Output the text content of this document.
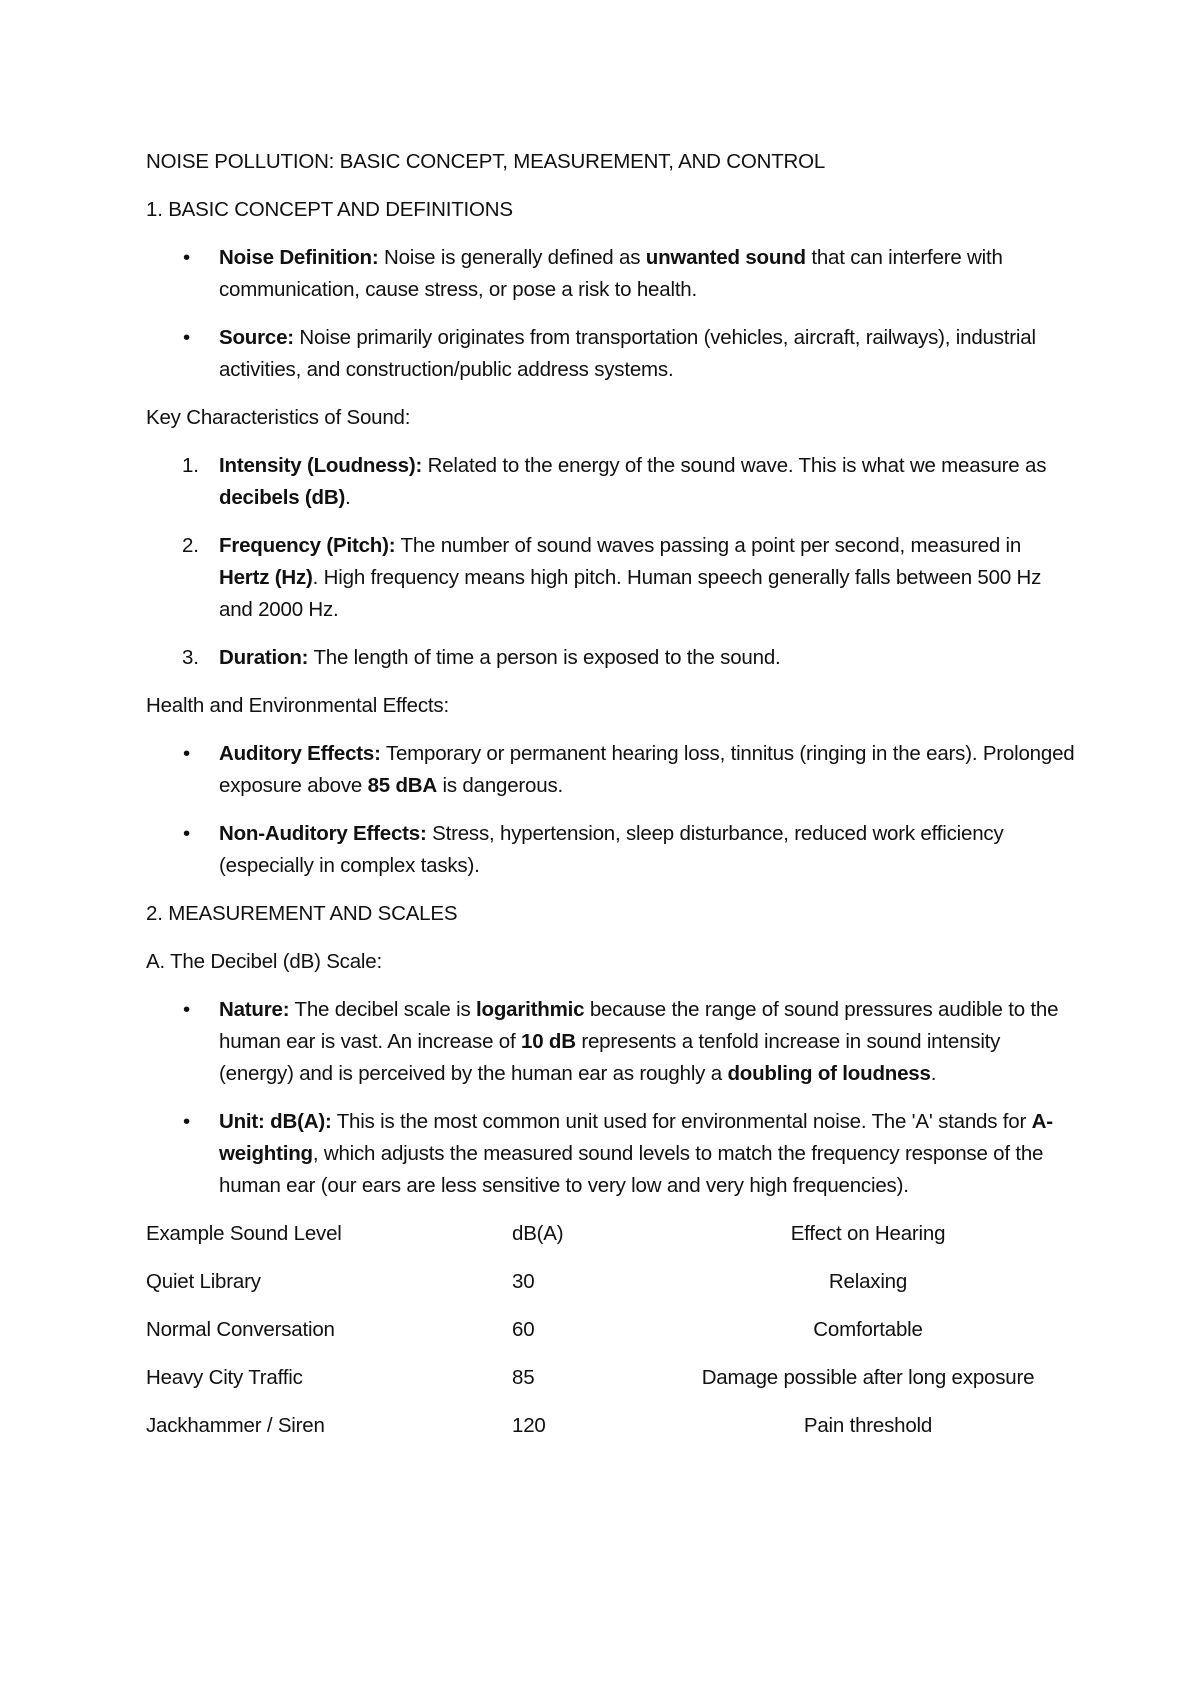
NOISE POLLUTION: BASIC CONCEPT, MEASUREMENT, AND CONTROL

1. BASIC CONCEPT AND DEFINITIONS

• Noise Definition: Noise is generally defined as unwanted sound that can interfere with communication, cause stress, or pose a risk to health.
• Source: Noise primarily originates from transportation (vehicles, aircraft, railways), industrial activities, and construction/public address systems.

Key Characteristics of Sound:

1. Intensity (Loudness): Related to the energy of the sound wave. This is what we measure as decibels (dB).
2. Frequency (Pitch): The number of sound waves passing a point per second, measured in Hertz (Hz). High frequency means high pitch. Human speech generally falls between 500 Hz and 2000 Hz.
3. Duration: The length of time a person is exposed to the sound.

Health and Environmental Effects:

• Auditory Effects: Temporary or permanent hearing loss, tinnitus (ringing in the ears). Prolonged exposure above 85 dBA is dangerous.
• Non-Auditory Effects: Stress, hypertension, sleep disturbance, reduced work efficiency (especially in complex tasks).

2. MEASUREMENT AND SCALES

A. The Decibel (dB) Scale:

• Nature: The decibel scale is logarithmic because the range of sound pressures audible to the human ear is vast. An increase of 10 dB represents a tenfold increase in sound intensity (energy) and is perceived by the human ear as roughly a doubling of loudness.
• Unit: dB(A): This is the most common unit used for environmental noise. The 'A' stands for A-weighting, which adjusts the measured sound levels to match the frequency response of the human ear (our ears are less sensitive to very low and very high frequencies).
Example Sound Level	dB(A)	Effect on Hearing
Quiet Library	30	Relaxing
Normal Conversation	60	Comfortable
Heavy City Traffic	85	Damage possible after long exposure
Jackhammer / Siren	120	Pain threshold
